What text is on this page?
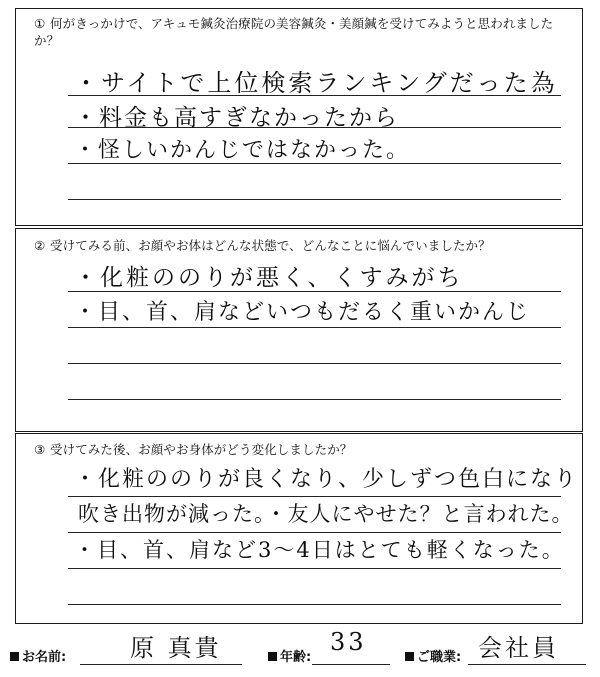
① 何がきっかけで、アキュモ鍼灸治療院の美容鍼灸・美顔鍼を受けてみようと思われましたか？
・サイトで上位検索ランキングだった為
・料金も高すぎなかったから
・怪しいかんじではなかった。
② 受けてみる前、お顔やお体はどんな状態で、どんなことに悩んでいましたか？
・化粧ののりが悪く、くすみがち
・目、首、肩などいつもだるく重いかんじ
③ 受けてみた後、お顔やお身体がどう変化しましたか？
・化粧ののりが良くなり、少しずつ色白になり
吹き出物が減った。・友人にやせた？と言われた。
・目、首、肩など3〜4日はとても軽くなった。
お名前:	原 真貴	年齢:
33
ご職業: 会社員
